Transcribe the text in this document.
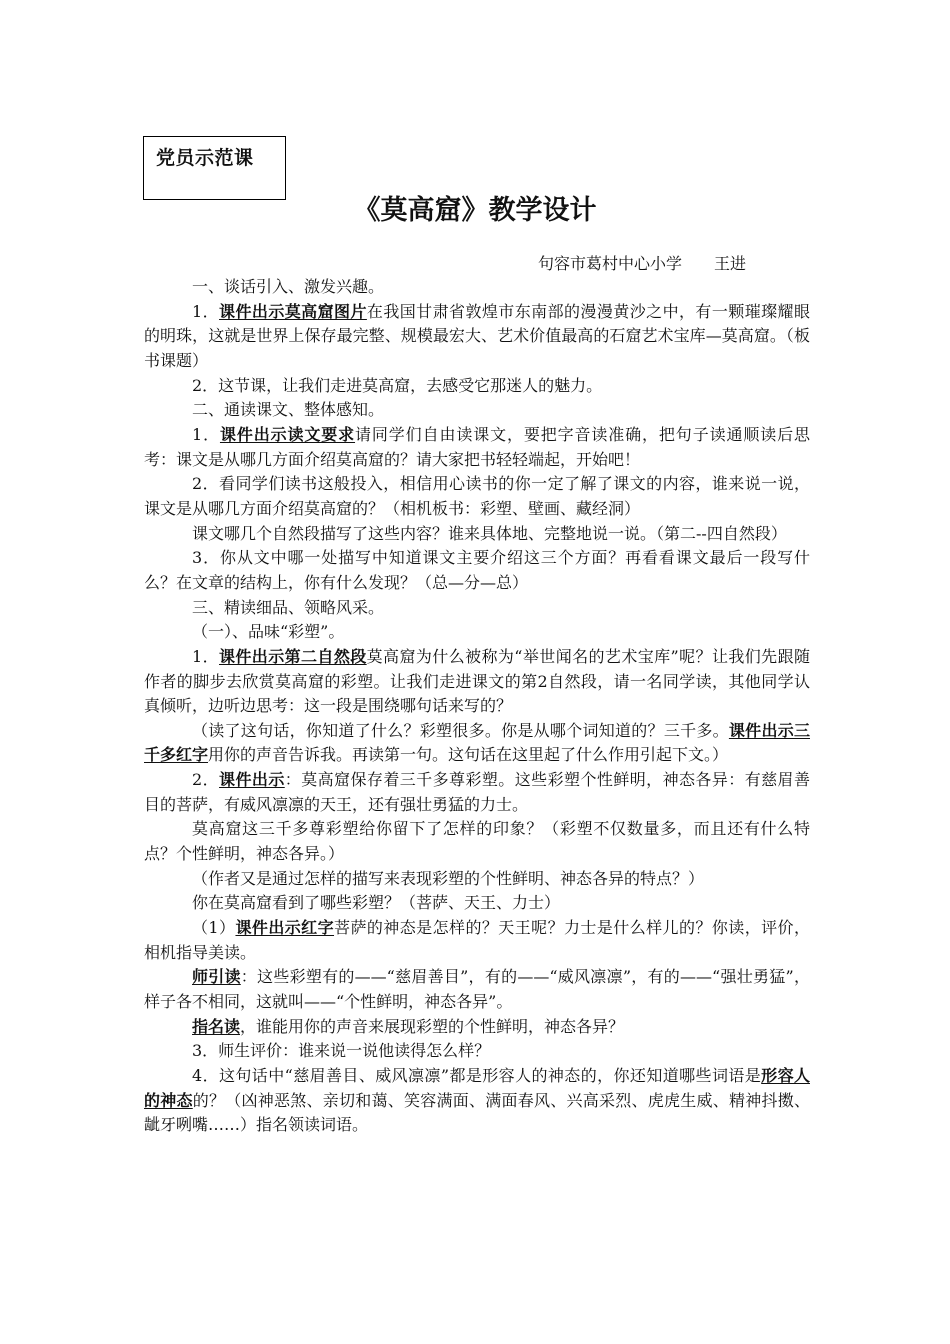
党员示范课
《莫高窟》教学设计
句容市葛村中心小学　　王进

一、谈话引入、激发兴趣。

1．课件出示莫高窟图片在我国甘肃省敦煌市东南部的漫漫黄沙之中，有一颗璀璨耀眼的明珠，这就是世界上保存最完整、规模最宏大、艺术价值最高的石窟艺术宝库—莫高窟。（板书课题）

2．这节课，让我们走进莫高窟，去感受它那迷人的魅力。

二、通读课文、整体感知。

1．课件出示读文要求请同学们自由读课文，要把字音读准确，把句子读通顺读后思考：课文是从哪几方面介绍莫高窟的？请大家把书轻轻端起，开始吧！

2．看同学们读书这般投入，相信用心读书的你一定了解了课文的内容，谁来说一说，课文是从哪几方面介绍莫高窟的？（相机板书：彩塑、壁画、藏经洞）

课文哪几个自然段描写了这些内容？谁来具体地、完整地说一说。（第二--四自然段）

3．你从文中哪一处描写中知道课文主要介绍这三个方面？再看看课文最后一段写什么？在文章的结构上，你有什么发现？（总—分—总）

三、精读细品、领略风采。

（一）、品味“彩塑”。

1．课件出示第二自然段莫高窟为什么被称为“举世闻名的艺术宝库”呢？让我们先跟随作者的脚步去欣赏莫高窟的彩塑。让我们走进课文的第2自然段，请一名同学读，其他同学认真倾听，边听边思考：这一段是围绕哪句话来写的？

（读了这句话，你知道了什么？彩塑很多。你是从哪个词知道的？三千多。课件出示三千多红字用你的声音告诉我。再读第一句。这句话在这里起了什么作用引起下文。）

2．课件出示：莫高窟保存着三千多尊彩塑。这些彩塑个性鲜明，神态各异：有慈眉善目的菩萨，有威风凛凛的天王，还有强壮勇猛的力士。

莫高窟这三千多尊彩塑给你留下了怎样的印象？（彩塑不仅数量多，而且还有什么特点？个性鲜明，神态各异。）

（作者又是通过怎样的描写来表现彩塑的个性鲜明、神态各异的特点？）

你在莫高窟看到了哪些彩塑？（菩萨、天王、力士）

（1）课件出示红字菩萨的神态是怎样的？天王呢？力士是什么样儿的？你读，评价，相机指导美读。

师引读：这些彩塑有的——“慈眉善目”，有的——“威风凛凛”，有的——“强壮勇猛”，样子各不相同，这就叫——“个性鲜明，神态各异”。

指名读，谁能用你的声音来展现彩塑的个性鲜明，神态各异？

3．师生评价：谁来说一说他读得怎么样？

4．这句话中“慈眉善目、威风凛凛”都是形容人的神态的，你还知道哪些词语是形容人的神态的？（凶神恶煞、亲切和蔼、笑容满面、满面春风、兴高采烈、虎虎生威、精神抖擞、龇牙咧嘴……）指名领读词语。
